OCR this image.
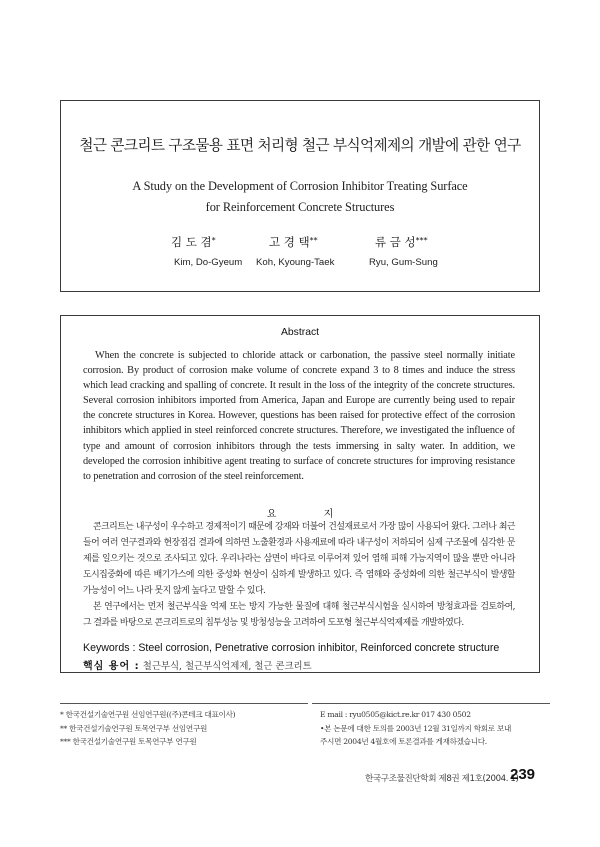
철근 콘크리트 구조물용 표면 처리형 철근 부식억제제의 개발에 관한 연구
A Study on the Development of Corrosion Inhibitor Treating Surface
for Reinforcement Concrete Structures
김 도 겸*	고 경 택**	류 금 성***
Kim, Do-Gyeum Koh, Kyoung-Taek	Ryu, Gum-Sung
Abstract
When the concrete is subjected to chloride attack or carbonation, the passive steel normally initiate corrosion. By product of corrosion make volume of concrete expand 3 to 8 times and induce the stress which lead cracking and spalling of concrete. It result in the loss of the integrity of the concrete structures. Several corrosion inhibitors imported from America, Japan and Europe are currently being used to repair the concrete structures in Korea. However, questions has been raised for protective effect of the corrosion inhibitors which applied in steel reinforced concrete structures. Therefore, we investigated the influence of type and amount of corrosion inhibitors through the tests immersing in salty water. In addition, we developed the corrosion inhibitive agent treating to surface of concrete structures for improving resistance to penetration and corrosion of the steel reinforcement.
요 지

콘크리트는 내구성이 우수하고 경제적이기 때문에 강재와 더불어 건설재료로서 가장 많이 사용되어 왔다. 그러나 최근 들어 여러 연구결과와 현장점검 결과에 의하면 노출환경과 사용재료에 따라 내구성이 저하되어 심제 구조물에 심각한 문제를 일으키는 것으로 조사되고 있다. 우리나라는 삼면이 바다로 이루어져 있어 염해 피해 가능지역이 많을 뿐만 아니라 도시집중화에 따른 배기가스에 의한 중성화 현상이 심하게 발생하고 있다. 즉 염해와 중성화에 의한 철근부식이 발생할 가능성이 어느 나라 못지 않게 높다고 말할 수 있다.

본 연구에서는 먼저 철근부식을 억제 또는 방지 가능한 물질에 대해 철근부식시험을 실시하여 방청효과를 검토하여, 그 결과를 바탕으로 콘크리트로의 침투성능 및 방청성능을 고려하여 도포형 철근부식억제제를 개발하였다.

Keywords : Steel corrosion, Penetrative corrosion inhibitor, Reinforced concrete structure
핵심 용어 : 철근부식, 철근부식억제제, 철근 콘크리트
* 한국건설기술연구원 선임연구원((주)콘테크 대표이사)
** 한국건설기술연구원 토목연구부 선임연구원
*** 한국건설기술연구원 토목연구부 연구원
E mail : ryu0505@kict.re.kr 017 430 0502
•본 논문에 대한 토의를 2003년 12월 31일까지 학회로 보내
주시면 2004년 4월호에 토론결과를 게재하겠습니다.
한국구조물진단학회 제8권 제1호(2004. 1)
239
